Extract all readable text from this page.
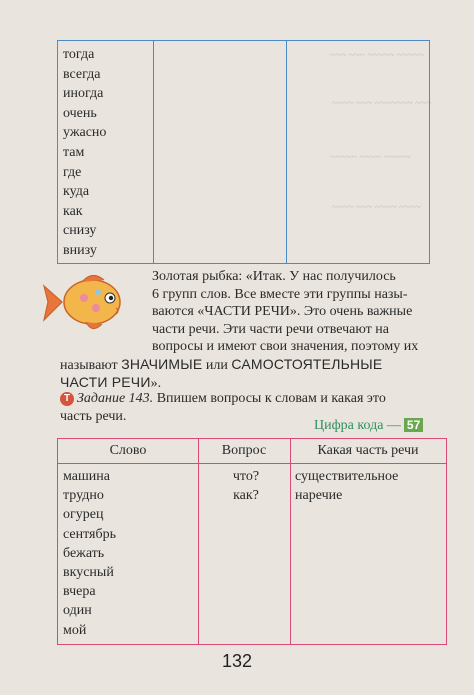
~~~ ~~~ ~~~~~ ~~~~~
~~~~ ~~~ ~~~~~~~ ~~~
~~~~~ ~~~~ ~~~~~
~~~~ ~~~ ~~~~ ~~~~
тогда
всегда
иногда
очень
ужасно
там
где
куда
как
снизу
внизу
Золотая рыбка: «Итак. У нас получилось
6 групп слов. Все вместе эти группы назы-
ваются «ЧАСТИ РЕЧИ». Это очень важные
части речи. Эти части речи отвечают на
вопросы и имеют свои значения, поэтому их
называют ЗНАЧИМЫЕ или САМОСТОЯТЕЛЬНЫЕ
ЧАСТИ РЕЧИ».
Т Задание 143. Впишем вопросы к словам и какая это
часть речи.
Цифра кода — 57
Слово	Вопрос	Какая часть речи
машина
трудно
огурец
сентябрь
бежать
вкусный
вчера
один
мой
что?
как?
существительное
наречие
132
